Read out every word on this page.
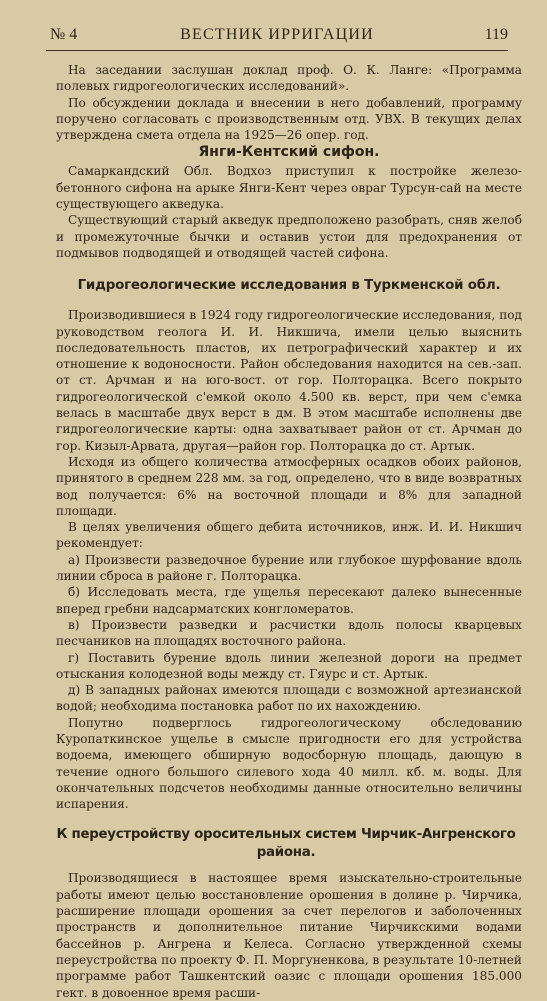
№ 4	ВЕСТНИК ИРРИГАЦИИ	119

На заседании заслушан доклад проф. О. К. Ланге: «Программа полевых гидрогеологических исследований».

По обсуждении доклада и внесении в него добавлений, программу поручено согласовать с производственным отд. УВХ. В текущих делах утверждена смета отдела на 1925—26 опер. год.

Янги-Кентский сифон.

Самаркандский Обл. Водхоз приступил к постройке железо-бетонного сифона на арыке Янги-Кент через овраг Турсун-сай на месте существующего акведука.

Существующий старый акведук предположено разобрать, сняв желоб и промежуточные бычки и оставив устои для предохранения от подмывов подводящей и отводящей частей сифона.

Гидрогеологические исследования в Туркменской обл.

Производившиеся в 1924 году гидрогеологические исследования, под руководством геолога И. И. Никшича, имели целью выяснить последовательность пластов, их петрографический характер и их отношение к водоносности. Район обследования находится на сев.-зап. от ст. Арчман и на юго-вост. от гор. Полторацка. Всего покрыто гидрогеологической с'емкой около 4.500 кв. верст, при чем с'емка велась в масштабе двух верст в дм. В этом масштабе исполнены две гидрогеологические карты: одна захватывает район от ст. Арчман до гор. Кизыл-Арвата, другая—район гор. Полторацка до ст. Артык.

Исходя из общего количества атмосферных осадков обоих районов, принятого в среднем 228 мм. за год, определено, что в виде возвратных вод получается: 6% на восточной площади и 8% для западной площади.

В целях увеличения общего дебита источников, инж. И. И. Никшич рекомендует:

а) Произвести разведочное бурение или глубокое шурфование вдоль линии сброса в районе г. Полторацка.

б) Исследовать места, где ущелья пересекают далеко вынесенные вперед гребни надсарматских конгломератов.

в) Произвести разведки и расчистки вдоль полосы кварцевых песчаников на площадях восточного района.

г) Поставить бурение вдоль линии железной дороги на предмет отыскания колодезной воды между ст. Гяурс и ст. Артык.

д) В западных районах имеются площади с возможной артезианской водой; необходима постановка работ по их нахождению.

Попутно подверглось гидрогеологическому обследованию Куропаткинское ущелье в смысле пригодности его для устройства водоема, имеющего обширную водосборную площадь, дающую в течение одного большого силевого хода 40 милл. кб. м. воды. Для окончательных подсчетов необходимы данные относительно величины испарения.

К переустройству оросительных систем Чирчик-Ангренского района.

Производящиеся в настоящее время изыскательно-строительные работы имеют целью восстановление орошения в долине р. Чирчика, расширение площади орошения за счет перелогов и заболоченных пространств и дополнительное питание Чирчикскими водами бассейнов р. Ангрена и Келеса. Согласно утвержденной схемы переустройства по проекту Ф. П. Моргуненкова, в результате 10-летней программе работ Ташкентский оазис с площади орошения 185.000 гект. в довоенное время расши-
